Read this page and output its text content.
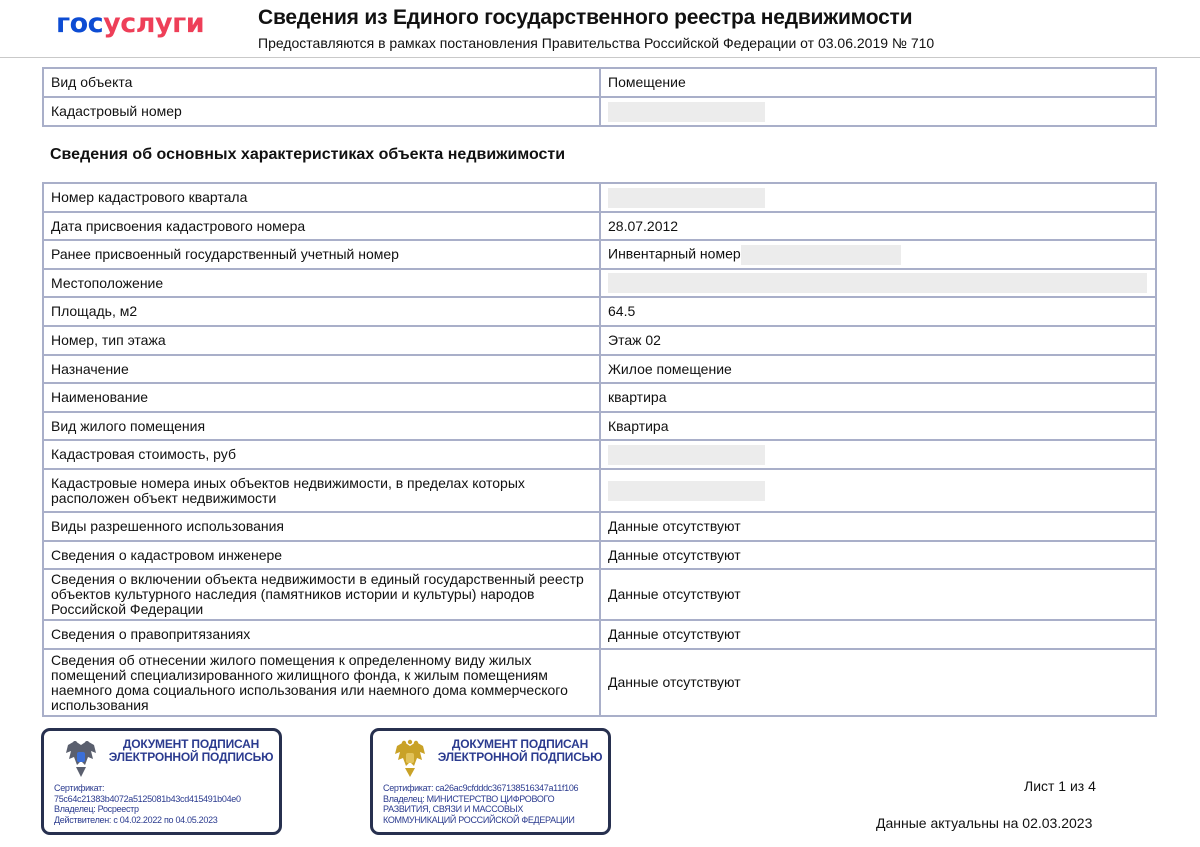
госуслуги	Сведения из Единого государственного реестра недвижимости
Предоставляются в рамках постановления Правительства Российской Федерации от 03.06.2019 № 710
Вид объекта	Помещение
Кадастровый номер	
Сведения об основных характеристиках объекта недвижимости
Номер кадастрового квартала	
Дата присвоения кадастрового номера	28.07.2012
Ранее присвоенный государственный учетный номер	Инвентарный номер
Местоположение	
Площадь, м2	64.5
Номер, тип этажа	Этаж 02
Назначение	Жилое помещение
Наименование	квартира
Вид жилого помещения	Квартира
Кадастровая стоимость, руб	
Кадастровые номера иных объектов недвижимости, в пределах которых расположен объект недвижимости	
Виды разрешенного использования	Данные отсутствуют
Сведения о кадастровом инженере	Данные отсутствуют
Сведения о включении объекта недвижимости в единый государственный реестр объектов культурного наследия (памятников истории и культуры) народов Российской Федерации	Данные отсутствуют
Сведения о правопритязаниях	Данные отсутствуют
Сведения об отнесении жилого помещения к определенному виду жилых помещений специализированного жилищного фонда, к жилым помещениям наемного дома социального использования или наемного дома коммерческого использования	Данные отсутствуют
ДОКУМЕНТ ПОДПИСАН ЭЛЕКТРОННОЙ ПОДПИСЬЮ
Сертификат:
75c64c21383b4072a5125081b43cd415491b04e0
Владелец: Росреестр
Действителен: с 04.02.2022 по 04.05.2023
ДОКУМЕНТ ПОДПИСАН ЭЛЕКТРОННОЙ ПОДПИСЬЮ
Сертификат: ca26ac9cfdddc367138516347a11f106
Владелец: МИНИСТЕРСТВО ЦИФРОВОГО
РАЗВИТИЯ, СВЯЗИ И МАССОВЫХ
КОММУНИКАЦИЙ РОССИЙСКОЙ ФЕДЕРАЦИИ
Лист 1 из 4
Данные актуальны на 02.03.2023
